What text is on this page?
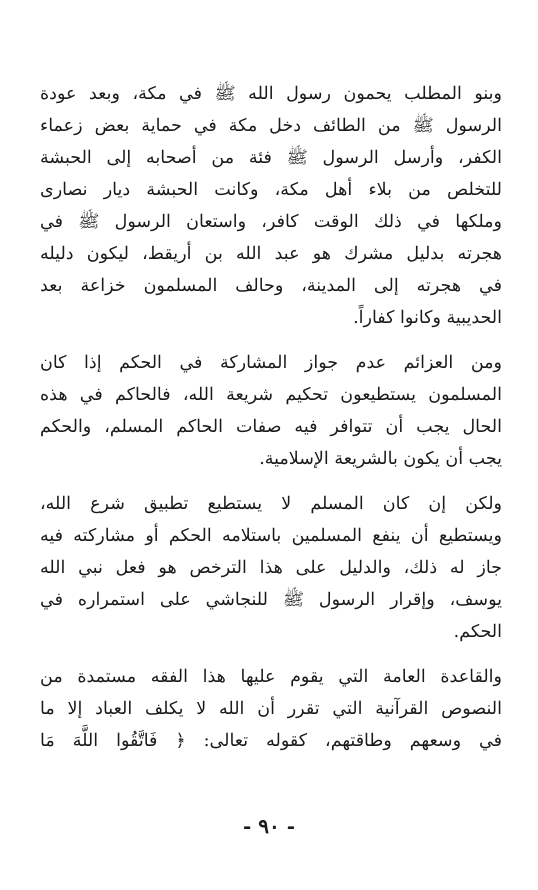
وبنو المطلب يحمون رسول الله ﷺ في مكة، وبعد عودة
الرسول ﷺ من الطائف دخل مكة في حماية بعض زعماء
الكفر، وأرسل الرسول ﷺ فئة من أصحابه إلى الحبشة
للتخلص من بلاء أهل مكة، وكانت الحبشة ديار نصارى
وملكها في ذلك الوقت كافر، واستعان الرسول ﷺ في
هجرته بدليل مشرك هو عبد الله بن أريقط، ليكون دليله
في هجرته إلى المدينة، وحالف المسلمون خزاعة بعد
الحديبية وكانوا كفاراً.

ومن العزائم عدم جواز المشاركة في الحكم إذا كان
المسلمون يستطيعون تحكيم شريعة الله، فالحاكم في هذه
الحال يجب أن تتوافر فيه صفات الحاكم المسلم، والحكم
يجب أن يكون بالشريعة الإسلامية.

ولكن إن كان المسلم لا يستطيع تطبيق شرع الله،
ويستطيع أن ينفع المسلمين باستلامه الحكم أو مشاركته فيه
جاز له ذلك، والدليل على هذا الترخص هو فعل نبي الله
يوسف، وإقرار الرسول ﷺ للنجاشي على استمراره في
الحكم.

والقاعدة العامة التي يقوم عليها هذا الفقه مستمدة من
النصوص القرآنية التي تقرر أن الله لا يكلف العباد إلا ما
في وسعهم وطاقتهم، كقوله تعالى: ﴿ فَاتَّقُوا اللَّهَ مَا

- ٩٠ -
